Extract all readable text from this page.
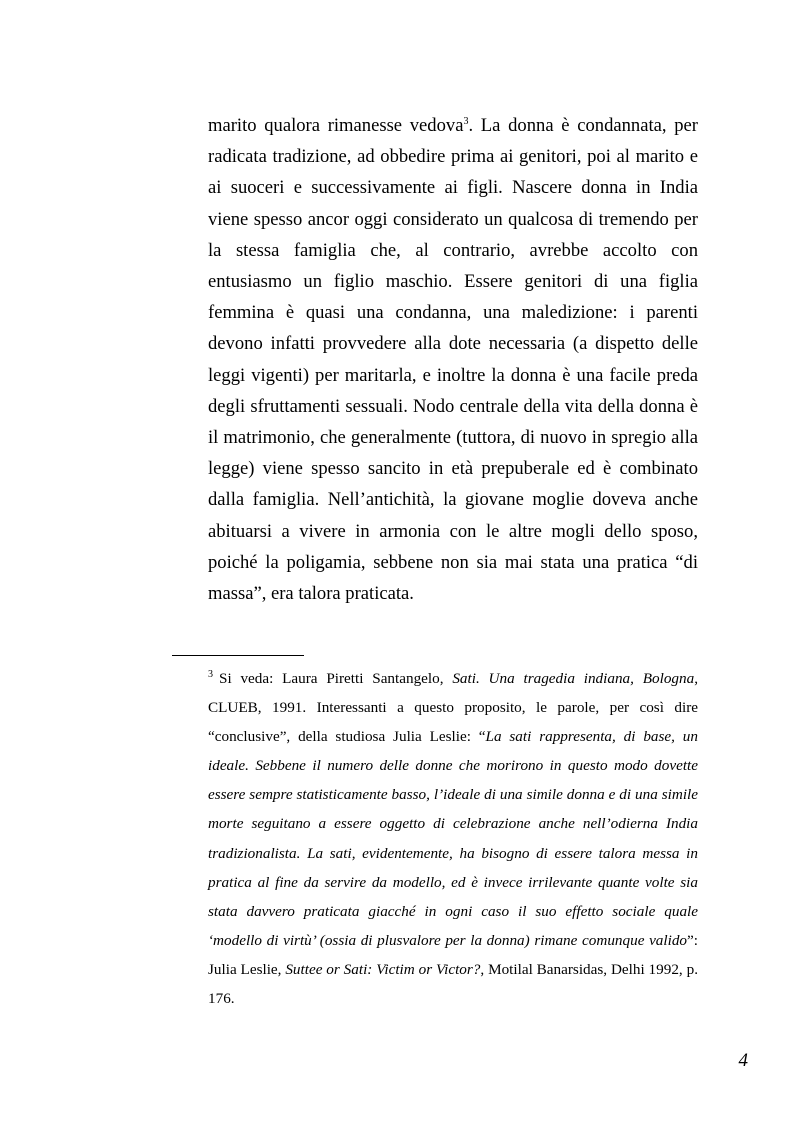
marito qualora rimanesse vedova$^3$. La donna è condannata, per radicata tradizione, ad obbedire prima ai genitori, poi al marito e ai suoceri e successivamente ai figli. Nascere donna in India viene spesso ancor oggi considerato un qualcosa di tremendo per la stessa famiglia che, al contrario, avrebbe accolto con entusiasmo un figlio maschio. Essere genitori di una figlia femmina è quasi una condanna, una maledizione: i parenti devono infatti provvedere alla dote necessaria (a dispetto delle leggi vigenti) per maritarla, e inoltre la donna è una facile preda degli sfruttamenti sessuali. Nodo centrale della vita della donna è il matrimonio, che generalmente (tuttora, di nuovo in spregio alla legge) viene spesso sancito in età prepuberale ed è combinato dalla famiglia. Nell’antichità, la giovane moglie doveva anche abituarsi a vivere in armonia con le altre mogli dello sposo, poiché la poligamia, sebbene non sia mai stata una pratica “di massa”, era talora praticata.

$^3$ Si veda: Laura Piretti Santangelo, Sati. Una tragedia indiana, Bologna, CLUEB, 1991. Interessanti a questo proposito, le parole, per così dire “conclusive”, della studiosa Julia Leslie: “La sati rappresenta, di base, un ideale. Sebbene il numero delle donne che morirono in questo modo dovette essere sempre statisticamente basso, l’ideale di una simile donna e di una simile morte seguitano a essere oggetto di celebrazione anche nell’odierna India tradizionalista. La sati, evidentemente, ha bisogno di essere talora messa in pratica al fine da servire da modello, ed è invece irrilevante quante volte sia stata davvero praticata giacché in ogni caso il suo effetto sociale quale ‘modello di virtù’ (ossia di plusvalore per la donna) rimane comunque valido”: Julia Leslie, Suttee or Sati: Victim or Victor?, Motilal Banarsidas, Delhi 1992, p. 176.

4
